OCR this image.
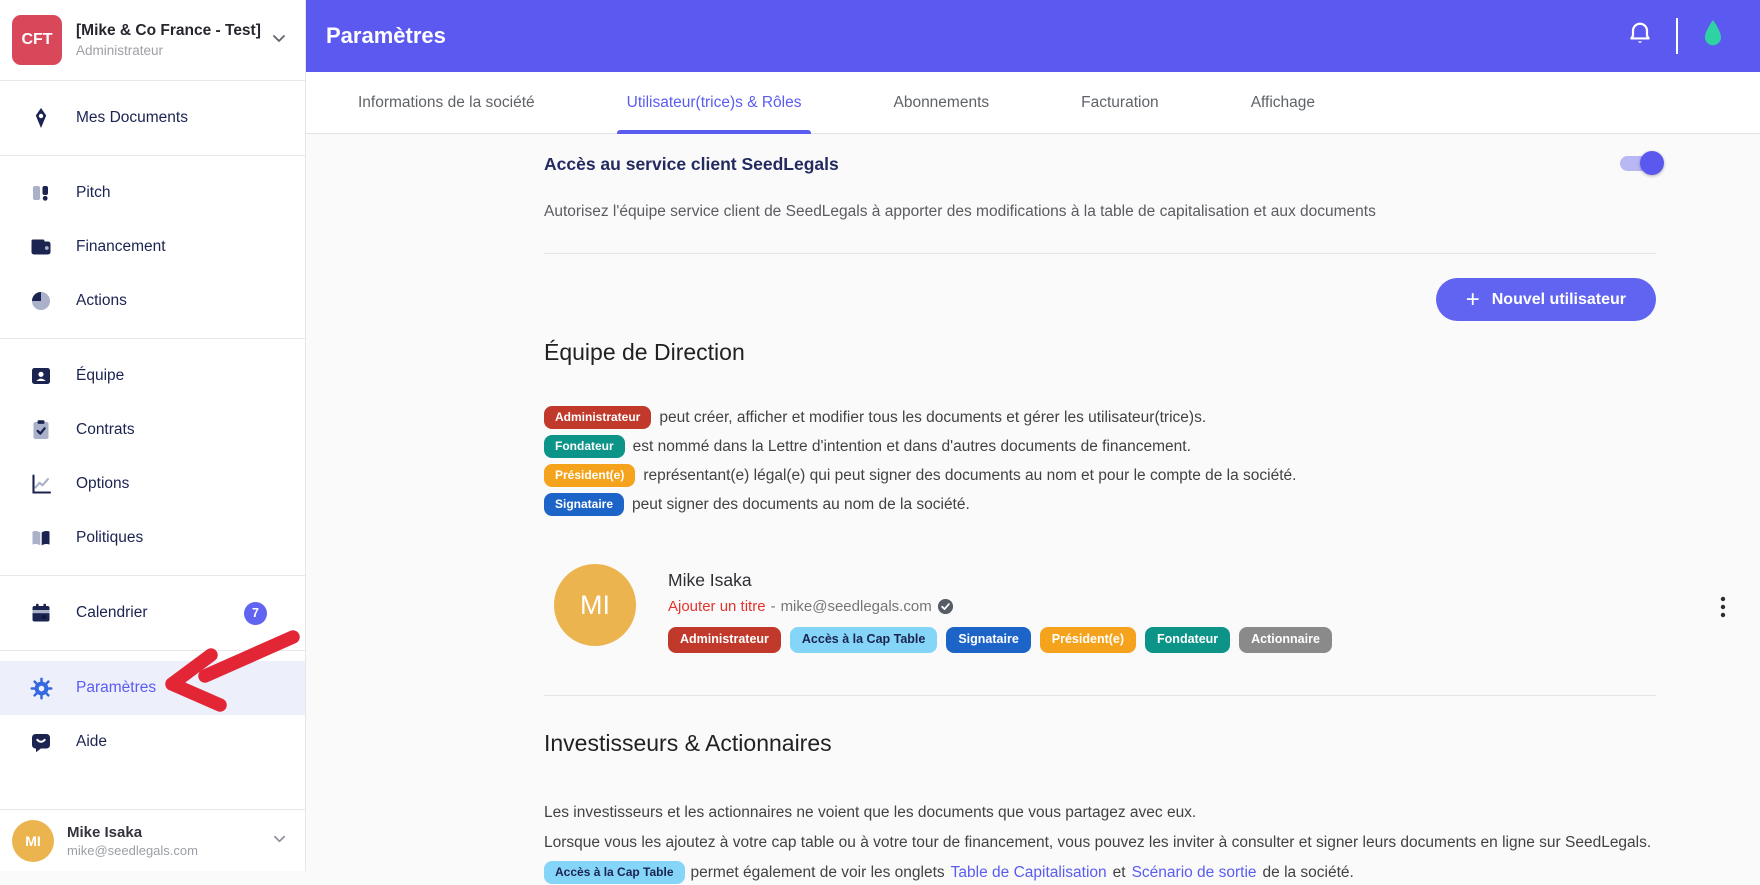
CFT
[Mike & Co France - Test]
Administrateur
Mes Documents
Pitch
Financement
Actions
Équipe
Contrats
Options
Politiques
Calendrier	7
Paramètres
Aide
MI	Mike Isaka
mike@seedlegals.com
Paramètres
Informations de la société	Utilisateur(trice)s & Rôles	Abonnements	Facturation	Affichage
Accès au service client SeedLegals
Autorisez l'équipe service client de SeedLegals à apporter des modifications à la table de capitalisation et aux documents
+ Nouvel utilisateur
Équipe de Direction
Administrateur	peut créer, afficher et modifier tous les documents et gérer les utilisateur(trice)s.
Fondateur	est nommé dans la Lettre d'intention et dans d'autres documents de financement.
Président(e)	représentant(e) légal(e) qui peut signer des documents au nom et pour le compte de la société.
Signataire	peut signer des documents au nom de la société.
MI
Mike Isaka
Ajouter un titre - mike@seedlegals.com
Administrateur	Accès à la Cap Table	Signataire	Président(e)	Fondateur	Actionnaire
Investisseurs & Actionnaires
Les investisseurs et les actionnaires ne voient que les documents que vous partagez avec eux.
Lorsque vous les ajoutez à votre cap table ou à votre tour de financement, vous pouvez les inviter à consulter et signer leurs documents en ligne sur SeedLegals.
Accès à la Cap Table	permet également de voir les onglets Table de Capitalisation et Scénario de sortie de la société.
